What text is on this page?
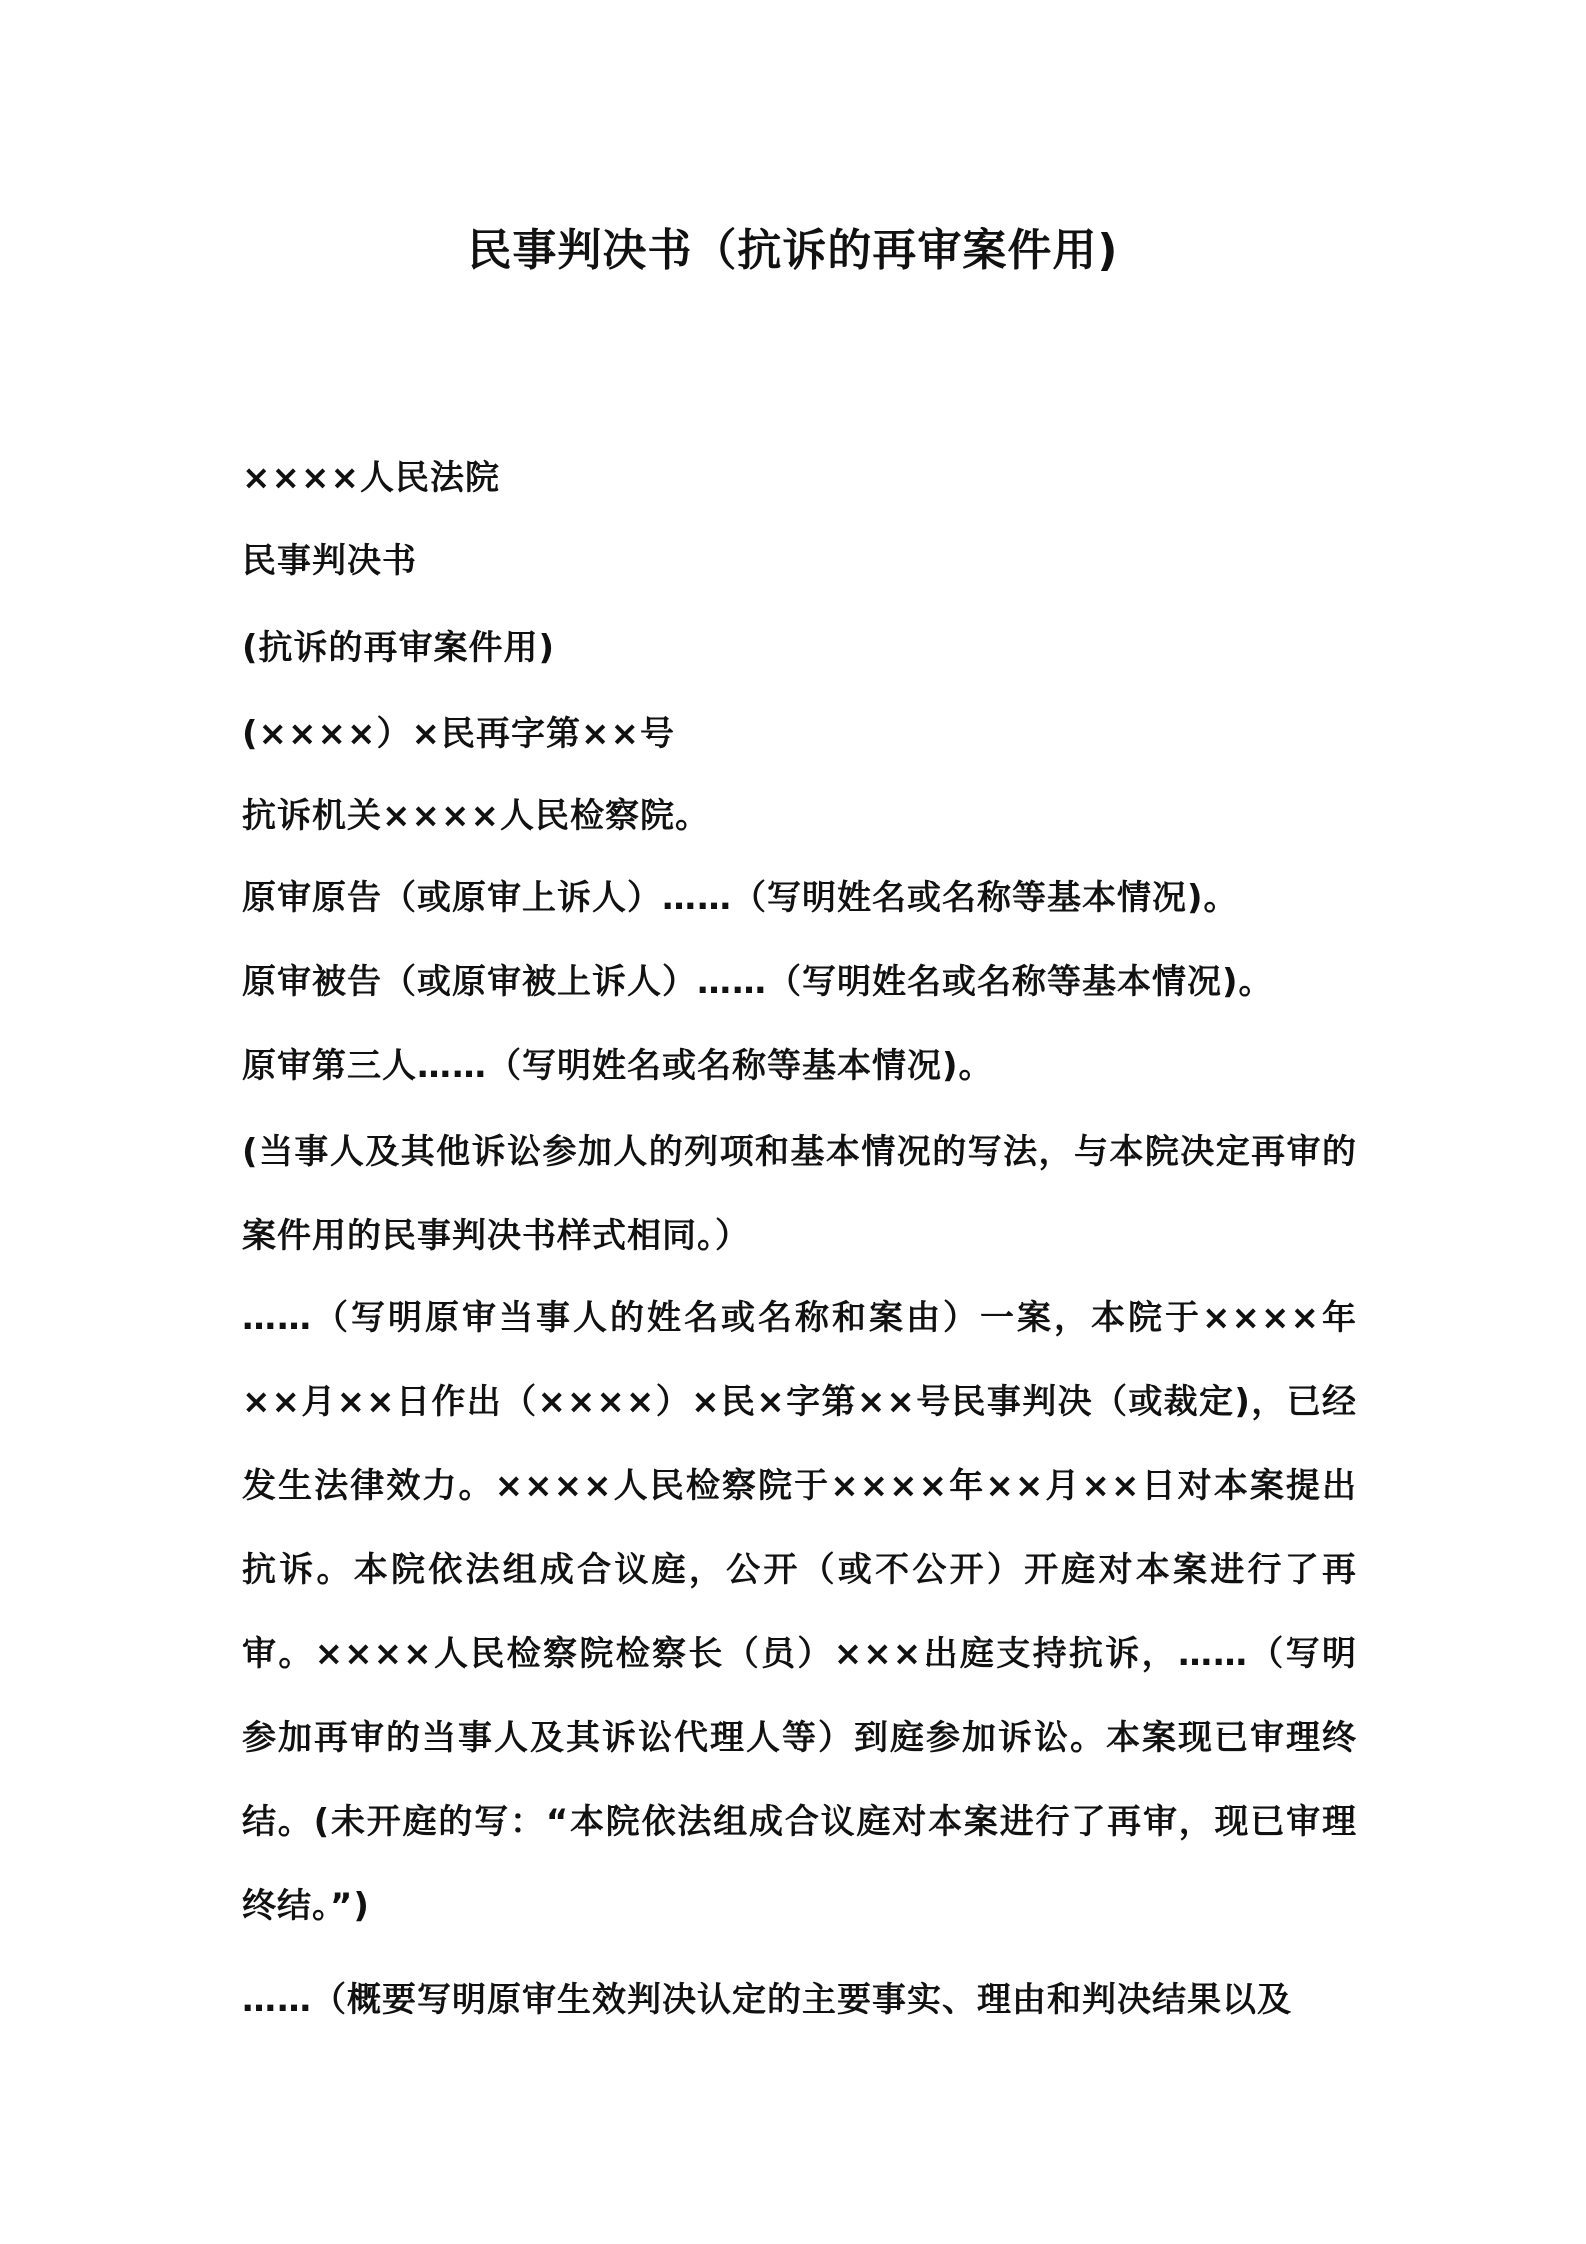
民事判决书（抗诉的再审案件用)
××××人民法院
民事判决书
(抗诉的再审案件用)
(××××）×民再字第××号
抗诉机关××××人民检察院。
原审原告（或原审上诉人）……（写明姓名或名称等基本情况)。
原审被告（或原审被上诉人）……（写明姓名或名称等基本情况)。
原审第三人……（写明姓名或名称等基本情况)。
(当事人及其他诉讼参加人的列项和基本情况的写法，与本院决定再审的案件用的民事判决书样式相同。）
……（写明原审当事人的姓名或名称和案由）一案，本院于××××年××月××日作出（××××）×民×字第××号民事判决（或裁定)，已经发生法律效力。××××人民检察院于××××年××月××日对本案提出抗诉。本院依法组成合议庭，公开（或不公开）开庭对本案进行了再审。××××人民检察院检察长（员）×××出庭支持抗诉，……（写明参加再审的当事人及其诉讼代理人等）到庭参加诉讼。本案现已审理终结。(未开庭的写：“本院依法组成合议庭对本案进行了再审，现已审理终结。”)
……（概要写明原审生效判决认定的主要事实、理由和判决结果以及
